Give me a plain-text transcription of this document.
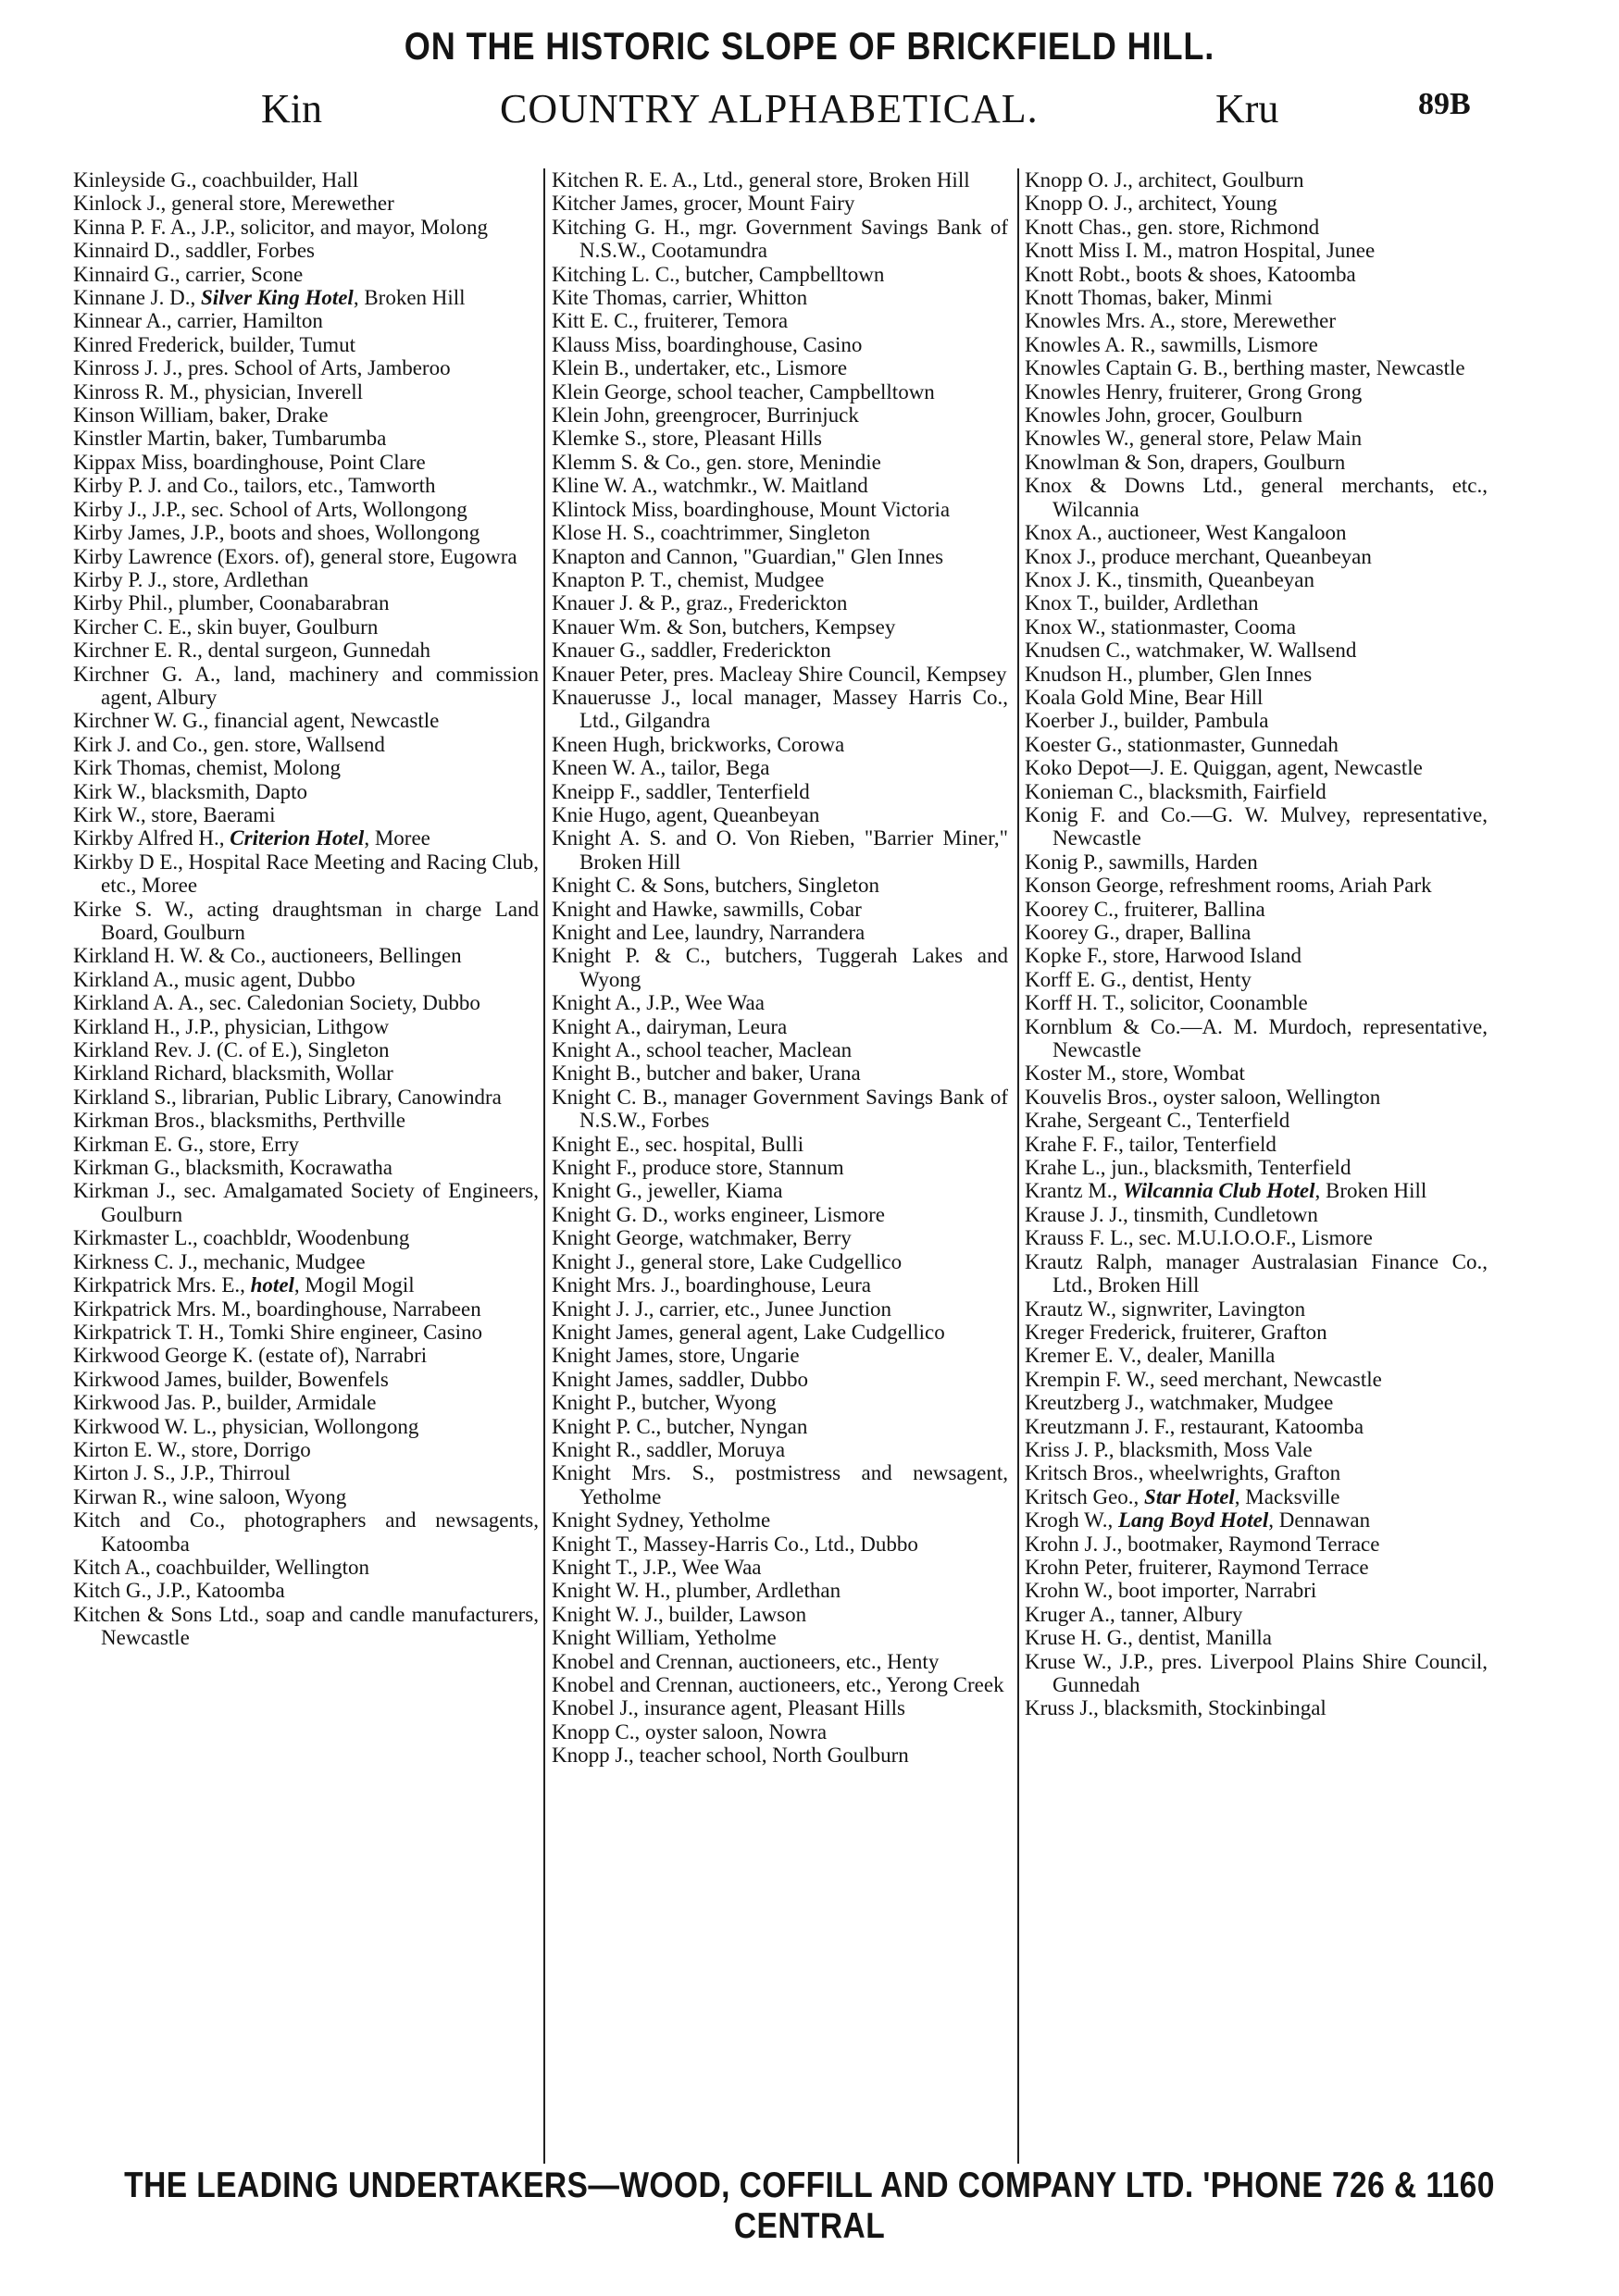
ON THE HISTORIC SLOPE OF BRICKFIELD HILL.
Kin	COUNTRY ALPHABETICAL.	Kru	89B

Kinleyside G., coachbuilder, Hall

Kinlock J., general store, Merewether

Kinna P. F. A., J.P., solicitor, and mayor, Molong

Kinnaird D., saddler, Forbes

Kinnaird G., carrier, Scone

Kinnane J. D., Silver King Hotel, Broken Hill

Kinnear A., carrier, Hamilton

Kinred Frederick, builder, Tumut

Kinross J. J., pres. School of Arts, Jamberoo

Kinross R. M., physician, Inverell

Kinson William, baker, Drake

Kinstler Martin, baker, Tumbarumba

Kippax Miss, boardinghouse, Point Clare

Kirby P. J. and Co., tailors, etc., Tamworth

Kirby J., J.P., sec. School of Arts, Wollongong

Kirby James, J.P., boots and shoes, Wollongong

Kirby Lawrence (Exors. of), general store, Eugowra

Kirby P. J., store, Ardlethan

Kirby Phil., plumber, Coonabarabran

Kircher C. E., skin buyer, Goulburn

Kirchner E. R., dental surgeon, Gunnedah

Kirchner G. A., land, machinery and commission agent, Albury

Kirchner W. G., financial agent, Newcastle

Kirk J. and Co., gen. store, Wallsend

Kirk Thomas, chemist, Molong

Kirk W., blacksmith, Dapto

Kirk W., store, Baerami

Kirkby Alfred H., Criterion Hotel, Moree

Kirkby D E., Hospital Race Meeting and Racing Club, etc., Moree

Kirke S. W., acting draughtsman in charge Land Board, Goulburn

Kirkland H. W. & Co., auctioneers, Bellingen

Kirkland A., music agent, Dubbo

Kirkland A. A., sec. Caledonian Society, Dubbo

Kirkland H., J.P., physician, Lithgow

Kirkland Rev. J. (C. of E.), Singleton

Kirkland Richard, blacksmith, Wollar

Kirkland S., librarian, Public Library, Canowindra

Kirkman Bros., blacksmiths, Perthville

Kirkman E. G., store, Erry

Kirkman G., blacksmith, Kocrawatha

Kirkman J., sec. Amalgamated Society of Engineers, Goulburn

Kirkmaster L., coachbldr, Woodenbung

Kirkness C. J., mechanic, Mudgee

Kirkpatrick Mrs. E., hotel, Mogil Mogil

Kirkpatrick Mrs. M., boardinghouse, Narrabeen

Kirkpatrick T. H., Tomki Shire engineer, Casino

Kirkwood George K. (estate of), Narrabri

Kirkwood James, builder, Bowenfels

Kirkwood Jas. P., builder, Armidale

Kirkwood W. L., physician, Wollongong

Kirton E. W., store, Dorrigo

Kirton J. S., J.P., Thirroul

Kirwan R., wine saloon, Wyong

Kitch and Co., photographers and newsagents, Katoomba

Kitch A., coachbuilder, Wellington

Kitch G., J.P., Katoomba

Kitchen & Sons Ltd., soap and candle manufacturers, Newcastle

Kitchen R. E. A., Ltd., general store, Broken Hill

Kitcher James, grocer, Mount Fairy

Kitching G. H., mgr. Government Savings Bank of N.S.W., Cootamundra

Kitching L. C., butcher, Campbelltown

Kite Thomas, carrier, Whitton

Kitt E. C., fruiterer, Temora

Klauss Miss, boardinghouse, Casino

Klein B., undertaker, etc., Lismore

Klein George, school teacher, Campbelltown

Klein John, greengrocer, Burrinjuck

Klemke S., store, Pleasant Hills

Klemm S. & Co., gen. store, Menindie

Kline W. A., watchmkr., W. Maitland

Klintock Miss, boardinghouse, Mount Victoria

Klose H. S., coachtrimmer, Singleton

Knapton and Cannon, "Guardian," Glen Innes

Knapton P. T., chemist, Mudgee

Knauer J. & P., graz., Frederickton

Knauer Wm. & Son, butchers, Kempsey

Knauer G., saddler, Frederickton

Knauer Peter, pres. Macleay Shire Council, Kempsey

Knauerusse J., local manager, Massey Harris Co., Ltd., Gilgandra

Kneen Hugh, brickworks, Corowa

Kneen W. A., tailor, Bega

Kneipp F., saddler, Tenterfield

Knie Hugo, agent, Queanbeyan

Knight A. S. and O. Von Rieben, "Barrier Miner," Broken Hill

Knight C. & Sons, butchers, Singleton

Knight and Hawke, sawmills, Cobar

Knight and Lee, laundry, Narrandera

Knight P. & C., butchers, Tuggerah Lakes and Wyong

Knight A., J.P., Wee Waa

Knight A., dairyman, Leura

Knight A., school teacher, Maclean

Knight B., butcher and baker, Urana

Knight C. B., manager Government Savings Bank of N.S.W., Forbes

Knight E., sec. hospital, Bulli

Knight F., produce store, Stannum

Knight G., jeweller, Kiama

Knight G. D., works engineer, Lismore

Knight George, watchmaker, Berry

Knight J., general store, Lake Cudgellico

Knight Mrs. J., boardinghouse, Leura

Knight J. J., carrier, etc., Junee Junction

Knight James, general agent, Lake Cudgellico

Knight James, store, Ungarie

Knight James, saddler, Dubbo

Knight P., butcher, Wyong

Knight P. C., butcher, Nyngan

Knight R., saddler, Moruya

Knight Mrs. S., postmistress and newsagent, Yetholme

Knight Sydney, Yetholme

Knight T., Massey-Harris Co., Ltd., Dubbo

Knight T., J.P., Wee Waa

Knight W. H., plumber, Ardlethan

Knight W. J., builder, Lawson

Knight William, Yetholme

Knobel and Crennan, auctioneers, etc., Henty

Knobel and Crennan, auctioneers, etc., Yerong Creek

Knobel J., insurance agent, Pleasant Hills

Knopp C., oyster saloon, Nowra

Knopp J., teacher school, North Goulburn

Knopp O. J., architect, Goulburn

Knopp O. J., architect, Young

Knott Chas., gen. store, Richmond

Knott Miss I. M., matron Hospital, Junee

Knott Robt., boots & shoes, Katoomba

Knott Thomas, baker, Minmi

Knowles Mrs. A., store, Merewether

Knowles A. R., sawmills, Lismore

Knowles Captain G. B., berthing master, Newcastle

Knowles Henry, fruiterer, Grong Grong

Knowles John, grocer, Goulburn

Knowles W., general store, Pelaw Main

Knowlman & Son, drapers, Goulburn

Knox & Downs Ltd., general merchants, etc., Wilcannia

Knox A., auctioneer, West Kangaloon

Knox J., produce merchant, Queanbeyan

Knox J. K., tinsmith, Queanbeyan

Knox T., builder, Ardlethan

Knox W., stationmaster, Cooma

Knudsen C., watchmaker, W. Wallsend

Knudson H., plumber, Glen Innes

Koala Gold Mine, Bear Hill

Koerber J., builder, Pambula

Koester G., stationmaster, Gunnedah

Koko Depot—J. E. Quiggan, agent, Newcastle

Konieman C., blacksmith, Fairfield

Konig F. and Co.—G. W. Mulvey, representative, Newcastle

Konig P., sawmills, Harden

Konson George, refreshment rooms, Ariah Park

Koorey C., fruiterer, Ballina

Koorey G., draper, Ballina

Kopke F., store, Harwood Island

Korff E. G., dentist, Henty

Korff H. T., solicitor, Coonamble

Kornblum & Co.—A. M. Murdoch, representative, Newcastle

Koster M., store, Wombat

Kouvelis Bros., oyster saloon, Wellington

Krahe, Sergeant C., Tenterfield

Krahe F. F., tailor, Tenterfield

Krahe L., jun., blacksmith, Tenterfield

Krantz M., Wilcannia Club Hotel, Broken Hill

Krause J. J., tinsmith, Cundletown

Krauss F. L., sec. M.U.I.O.O.F., Lismore

Krautz Ralph, manager Australasian Finance Co., Ltd., Broken Hill

Krautz W., signwriter, Lavington

Kreger Frederick, fruiterer, Grafton

Kremer E. V., dealer, Manilla

Krempin F. W., seed merchant, Newcastle

Kreutzberg J., watchmaker, Mudgee

Kreutzmann J. F., restaurant, Katoomba

Kriss J. P., blacksmith, Moss Vale

Kritsch Bros., wheelwrights, Grafton

Kritsch Geo., Star Hotel, Macksville

Krogh W., Lang Boyd Hotel, Dennawan

Krohn J. J., bootmaker, Raymond Terrace

Krohn Peter, fruiterer, Raymond Terrace

Krohn W., boot importer, Narrabri

Kruger A., tanner, Albury

Kruse H. G., dentist, Manilla

Kruse W., J.P., pres. Liverpool Plains Shire Council, Gunnedah

Kruss J., blacksmith, Stockinbingal

THE LEADING UNDERTAKERS—WOOD, COFFILL AND COMPANY LTD. 'PHONE 726 & 1160 CENTRAL
